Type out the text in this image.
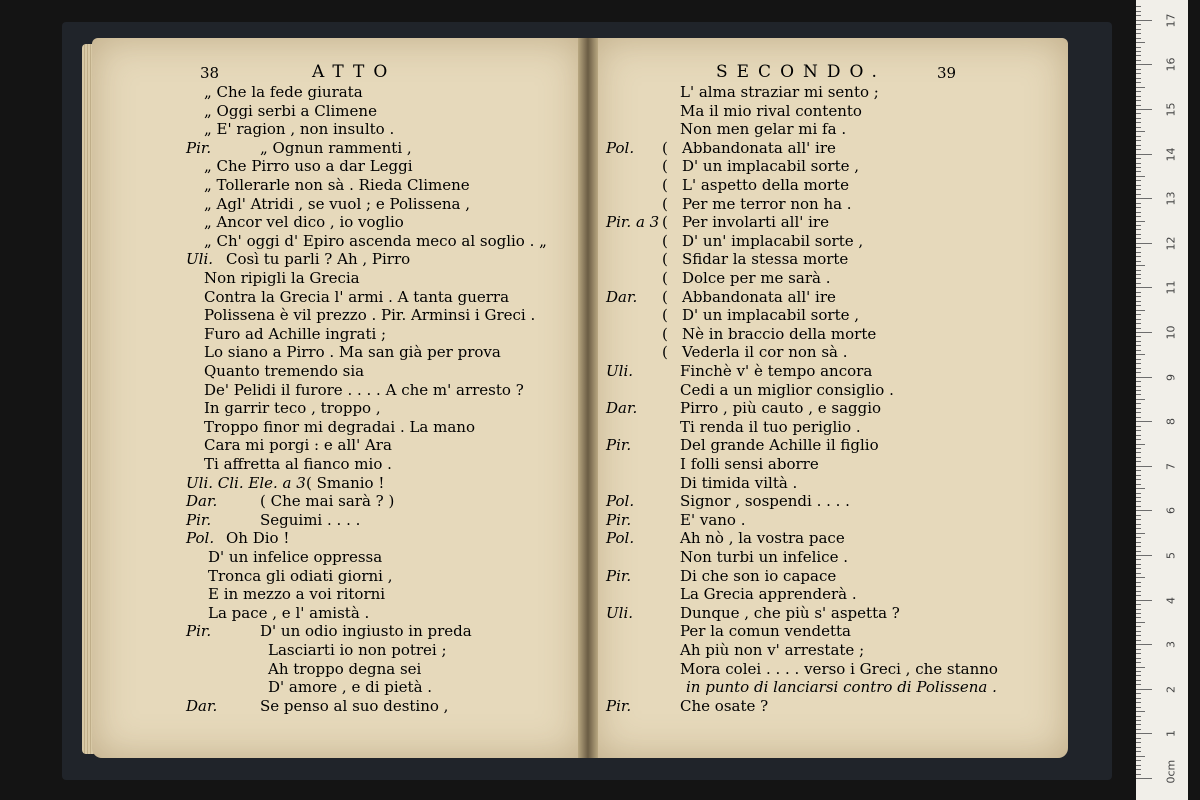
38	ATTO	SECONDO.	39
„ Che la fede giurata
„ Oggi serbi a Climene
„ E' ragion , non insulto .
Pir.	„ Ognun rammenti ,
„ Che Pirro uso a dar Leggi
„ Tollerarle non sà . Rieda Climene
„ Agl' Atridi , se vuol ; e Polissena ,
„ Ancor vel dico , io voglio
„ Ch' oggi d' Epiro ascenda meco al soglio . „
Uli. Così tu parli ? Ah , Pirro
Non ripigli la Grecia
Contra la Grecia l' armi . A tanta guerra
Polissena è vil prezzo . Pir. Arminsi i Greci .
Furo ad Achille ingrati ;
Lo siano a Pirro . Ma san già per prova
Quanto tremendo sia
De' Pelidi il furore . . . . A che m' arresto ?
In garrir teco , troppo ,
Troppo finor mi degradai . La mano
Cara mi porgi : e all' Ara
Ti affretta al fianco mio .
Uli. Cli. Ele. a 3 ( Smanio !
Dar.	( Che mai sarà ? )
Pir.	Seguimi . . . .
Pol. Oh Dio !
D' un infelice oppressa
Tronca gli odiati giorni ,
E in mezzo a voi ritorni
La pace , e l' amistà .
Pir.	D' un odio ingiusto in preda
Lasciarti io non potrei ;
Ah troppo degna sei
D' amore , e di pietà .
Dar.	Se penso al suo destino ,
L' alma straziar mi sento ;
Ma il mio rival contento
Non men gelar mi fa .
Pol. ( Abbandonata all' ire
( D' un implacabil sorte ,
( L' aspetto della morte
( Per me terror non ha .
Pir. a 3 ( Per involarti all' ire
( D' un' implacabil sorte ,
( Sfidar la stessa morte
( Dolce per me sarà .
Dar. ( Abbandonata all' ire
( D' un implacabil sorte ,
( Nè in braccio della morte
( Vederla il cor non sà .
Uli.	Finchè v' è tempo ancora
Cedi a un miglior consiglio .
Dar.	Pirro , più cauto , e saggio
Ti renda il tuo periglio .
Pir.	Del grande Achille il figlio
I folli sensi aborre
Di timida viltà .
Pol.	Signor , sospendi . . . .
Pir.	E' vano .
Pol.	Ah nò , la vostra pace
Non turbi un infelice .
Pir.	Di che son io capace
La Grecia apprenderà .
Uli.	Dunque , che più s' aspetta ?
Per la comun vendetta
Ah più non v' arrestate ;
Mora colei . . . . verso i Greci , che stanno
in punto di lanciarsi contro di Polissena .
Pir.	Che osate ?
0cm
1
2
3
4
5
6
7
8
9
10
11
12
13
14
15
16
17
